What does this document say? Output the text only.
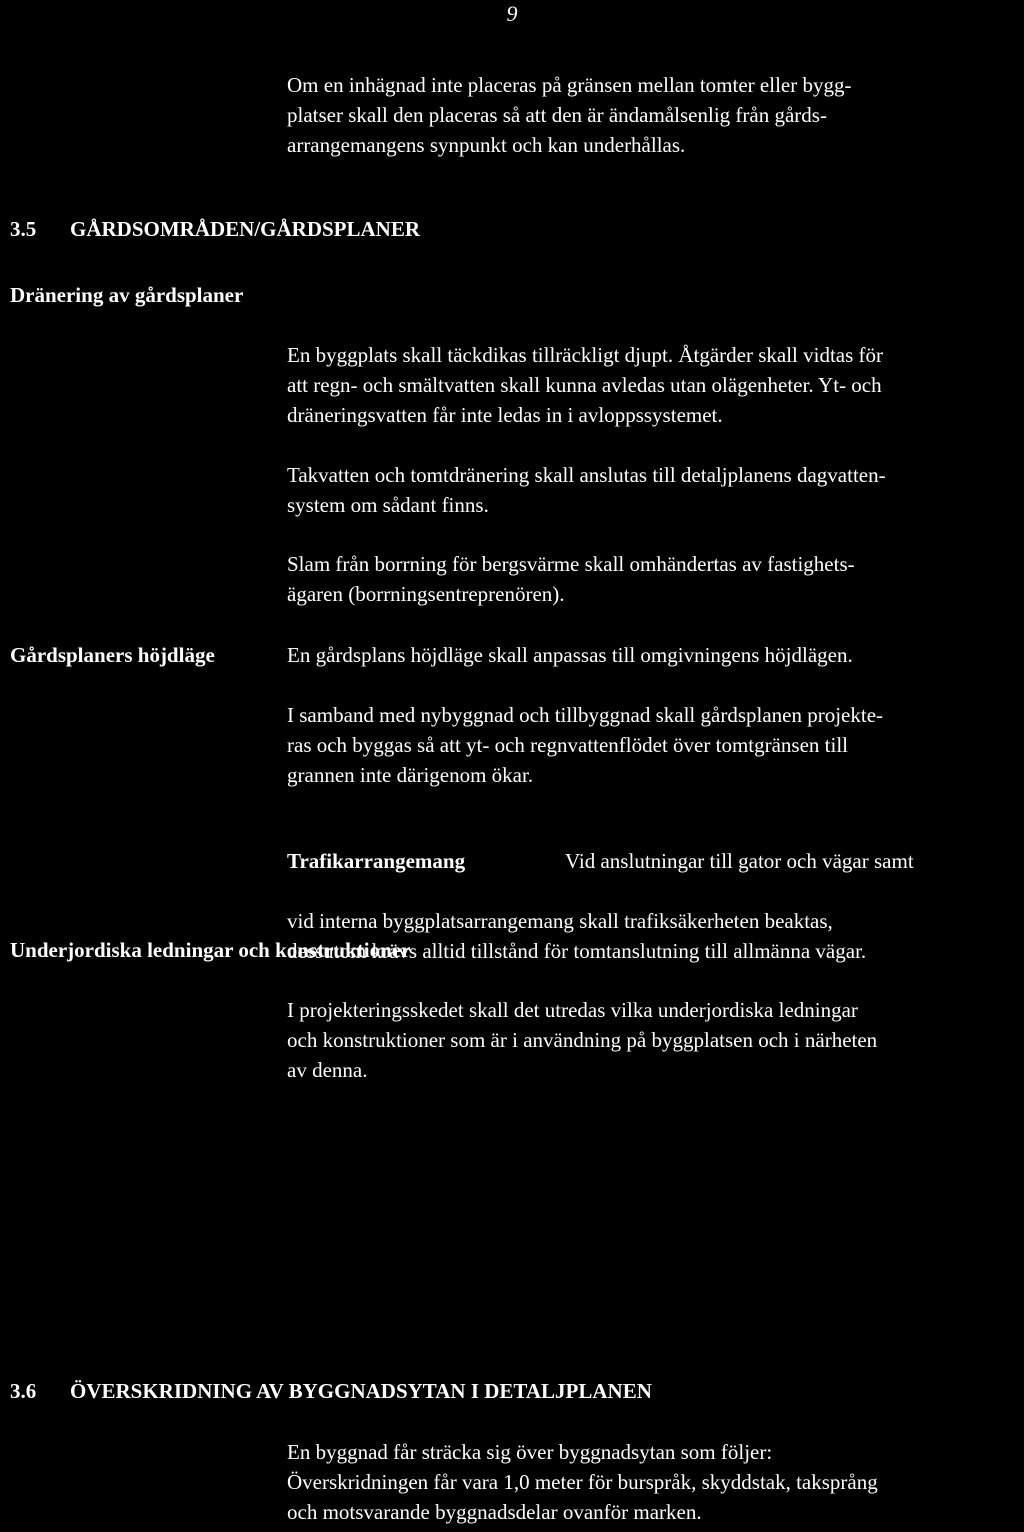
9
Om en inhägnad inte placeras på gränsen mellan tomter eller bygg-
platser skall den placeras så att den är ändamålsenlig från gårds-
arrangemangens synpunkt och kan underhållas.
3.5 GÅRDSOMRÅDEN/GÅRDSPLANER
Dränering av gårdsplaner
En byggplats skall täckdikas tillräckligt djupt. Åtgärder skall vidtas för
att regn- och smältvatten skall kunna avledas utan olägenheter. Yt- och
dräneringsvatten får inte ledas in i avloppssystemet.
Takvatten och tomtdränering skall anslutas till detaljplanens dagvatten-
system om sådant finns.
Slam från borrning för bergsvärme skall omhändertas av fastighets-
ägaren (borrningsentreprenören).
Gårdsplaners höjdläge	En gårdsplans höjdläge skall anpassas till omgivningens höjdlägen.
I samband med nybyggnad och tillbyggnad skall gårdsplanen projekte-
ras och byggas så att yt- och regnvattenflödet över tomtgränsen till
grannen inte därigenom ökar.

Trafikarrangemang	Vid anslutningar till gator och vägar samt

vid interna byggplatsarrangemang skall trafiksäkerheten beaktas,
dessutom krävs alltid tillstånd för tomtanslutning till allmänna vägar.

Underjordiska ledningar och konstruktioner
I projekteringsskedet skall det utredas vilka underjordiska ledningar
och konstruktioner som är i användning på byggplatsen och i närheten
av denna.
3.6 ÖVERSKRIDNING AV BYGGNADSYTAN I DETALJPLANEN
En byggnad får sträcka sig över byggnadsytan som följer:
Överskridningen får vara 1,0 meter för burspråk, skyddstak, taksprång
och motsvarande byggnadsdelar ovanför marken.
